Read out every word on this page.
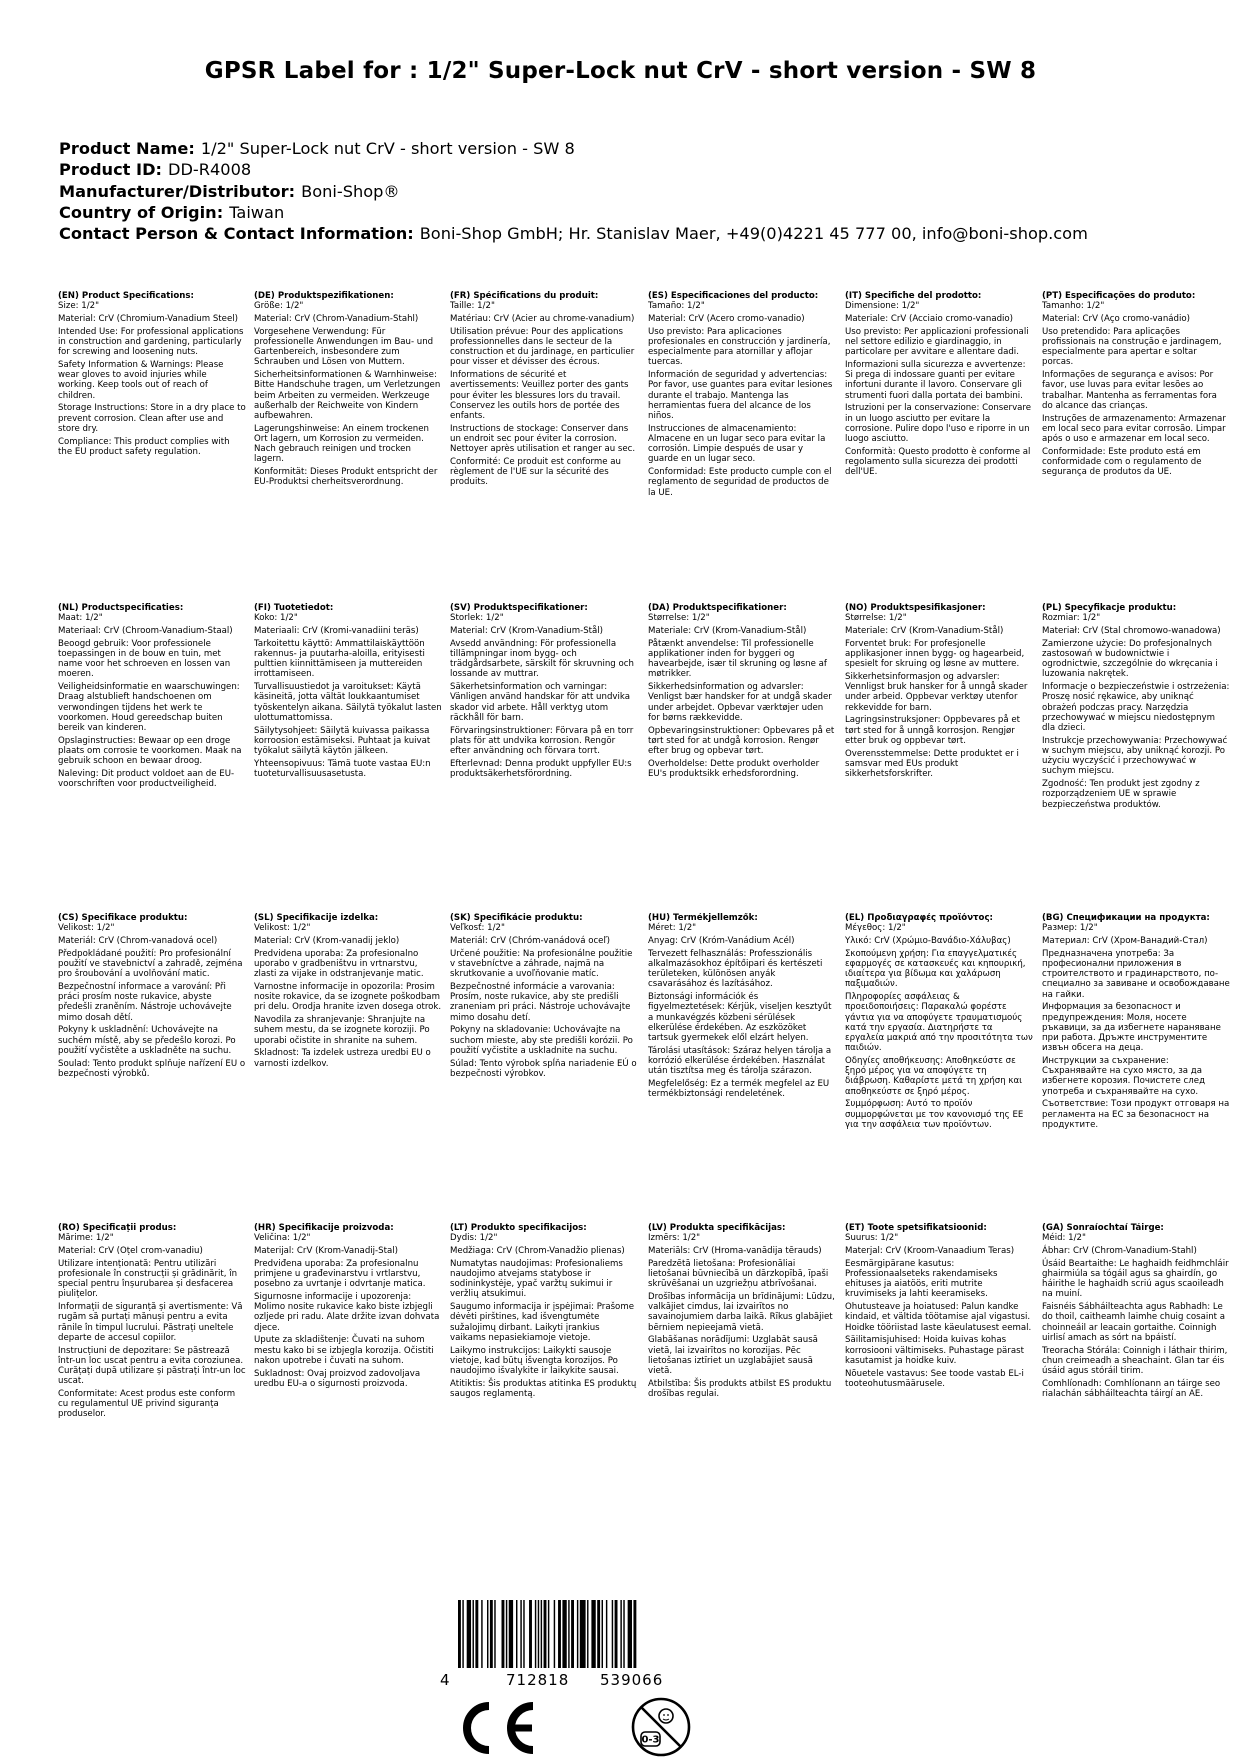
GPSR Label for : 1/2" Super-Lock nut CrV - short version - SW 8
Product Name: 1/2" Super-Lock nut CrV - short version - SW 8
Product ID: DD-R4008
Manufacturer/Distributor: Boni-Shop®
Country of Origin: Taiwan
Contact Person & Contact Information: Boni-Shop GmbH; Hr. Stanislav Maer, +49(0)4221 45 777 00, info@boni-shop.com
(EN) Product Specifications:

Size: 1/2"

Material: CrV (Chromium-Vanadium Steel)

Intended Use: For professional applications in construction and gardening, particularly for screwing and loosening nuts.

Safety Information & Warnings: Please wear gloves to avoid injuries while working. Keep tools out of reach of children.

Storage Instructions: Store in a dry place to prevent corrosion. Clean after use and store dry.

Compliance: This product complies with the EU product safety regulation.

(DE) Produktspezifikationen:

Größe: 1/2"

Material: CrV (Chrom-Vanadium-Stahl)

Vorgesehene Verwendung: Für professionelle Anwendungen im Bau- und Gartenbereich, insbesondere zum Schrauben und Lösen von Muttern.

Sicherheitsinformationen & Warnhinweise: Bitte Handschuhe tragen, um Verletzungen beim Arbeiten zu vermeiden. Werkzeuge außerhalb der Reichweite von Kindern aufbewahren.

Lagerungshinweise: An einem trockenen Ort lagern, um Korrosion zu vermeiden. Nach gebrauch reinigen und trocken lagern.

Konformität: Dieses Produkt entspricht der EU-Produktsi cherheitsverordnung.

(FR) Spécifications du produit:

Taille: 1/2"

Matériau: CrV (Acier au chrome-vanadium)

Utilisation prévue: Pour des applications professionnelles dans le secteur de la construction et du jardinage, en particulier pour visser et dévisser des écrous.

Informations de sécurité et avertissements: Veuillez porter des gants pour éviter les blessures lors du travail. Conservez les outils hors de portée des enfants.

Instructions de stockage: Conserver dans un endroit sec pour éviter la corrosion. Nettoyer après utilisation et ranger au sec.

Conformité: Ce produit est conforme au règlement de l'UE sur la sécurité des produits.

(ES) Especificaciones del producto:

Tamaño: 1/2"

Material: CrV (Acero cromo-vanadio)

Uso previsto: Para aplicaciones profesionales en construcción y jardinería, especialmente para atornillar y aflojar tuercas.

Información de seguridad y advertencias: Por favor, use guantes para evitar lesiones durante el trabajo. Mantenga las herramientas fuera del alcance de los niños.

Instrucciones de almacenamiento: Almacene en un lugar seco para evitar la corrosión. Limpie después de usar y guarde en un lugar seco.

Conformidad: Este producto cumple con el reglamento de seguridad de productos de la UE.

(IT) Specifiche del prodotto:

Dimensione: 1/2"

Materiale: CrV (Acciaio cromo-vanadio)

Uso previsto: Per applicazioni professionali nel settore edilizio e giardinaggio, in particolare per avvitare e allentare dadi.

Informazioni sulla sicurezza e avvertenze: Si prega di indossare guanti per evitare infortuni durante il lavoro. Conservare gli strumenti fuori dalla portata dei bambini.

Istruzioni per la conservazione: Conservare in un luogo asciutto per evitare la corrosione. Pulire dopo l'uso e riporre in un luogo asciutto.

Conformità: Questo prodotto è conforme al regolamento sulla sicurezza dei prodotti dell'UE.

(PT) Especificações do produto:

Tamanho: 1/2"

Material: CrV (Aço cromo-vanádio)

Uso pretendido: Para aplicações profissionais na construção e jardinagem, especialmente para apertar e soltar porcas.

Informações de segurança e avisos: Por favor, use luvas para evitar lesões ao trabalhar. Mantenha as ferramentas fora do alcance das crianças.

Instruções de armazenamento: Armazenar em local seco para evitar corrosão. Limpar após o uso e armazenar em local seco.

Conformidade: Este produto está em conformidade com o regulamento de segurança de produtos da UE.

(NL) Productspecificaties:

Maat: 1/2"

Materiaal: CrV (Chroom-Vanadium-Staal)

Beoogd gebruik: Voor professionele toepassingen in de bouw en tuin, met name voor het schroeven en lossen van moeren.

Veiligheidsinformatie en waarschuwingen: Draag alstublieft handschoenen om verwondingen tijdens het werk te voorkomen. Houd gereedschap buiten bereik van kinderen.

Opslaginstructies: Bewaar op een droge plaats om corrosie te voorkomen. Maak na gebruik schoon en bewaar droog.

Naleving: Dit product voldoet aan de EU-voorschriften voor productveiligheid.

(FI) Tuotetiedot:

Koko: 1/2"

Materiaali: CrV (Kromi-vanadiini teräs)

Tarkoitettu käyttö: Ammattilaiskäyttöön rakennus- ja puutarha-aloilla, erityisesti pulttien kiinnittämiseen ja muttereiden irrottamiseen.

Turvallisuustiedot ja varoitukset: Käytä käsineitä, jotta vältät loukkaantumiset työskentelyn aikana. Säilytä työkalut lasten ulottumattomissa.

Säilytysohjeet: Säilytä kuivassa paikassa korroosion estämiseksi. Puhtaat ja kuivat työkalut säilytä käytön jälkeen.

Yhteensopivuus: Tämä tuote vastaa EU:n tuoteturvallisuusasetusta.

(SV) Produktspecifikationer:

Storlek: 1/2"

Material: CrV (Krom-Vanadium-Stål)

Avsedd användning: För professionella tillämpningar inom bygg- och trädgårdsarbete, särskilt för skruvning och lossande av muttrar.

Säkerhetsinformation och varningar: Vänligen använd handskar för att undvika skador vid arbete. Håll verktyg utom räckhåll för barn.

Förvaringsinstruktioner: Förvara på en torr plats för att undvika korrosion. Rengör efter användning och förvara torrt.

Efterlevnad: Denna produkt uppfyller EU:s produktsäkerhetsförordning.

(DA) Produktspecifikationer:

Størrelse: 1/2"

Materiale: CrV (Krom-Vanadium-Stål)

Påtænkt anvendelse: Til professionelle applikationer inden for byggeri og havearbejde, især til skruning og løsne af møtrikker.

Sikkerhedsinformation og advarsler: Venligst bær handsker for at undgå skader under arbejdet. Opbevar værktøjer uden for børns rækkevidde.

Opbevaringsinstruktioner: Opbevares på et tørt sted for at undgå korrosion. Rengør efter brug og opbevar tørt.

Overholdelse: Dette produkt overholder EU's produktsikk erhedsforordning.

(NO) Produktspesifikasjoner:

Størrelse: 1/2"

Materiale: CrV (Krom-Vanadium-Stål)

Forventet bruk: For profesjonelle applikasjoner innen bygg- og hagearbeid, spesielt for skruing og løsne av muttere.

Sikkerhetsinformasjon og advarsler: Vennligst bruk hansker for å unngå skader under arbeid. Oppbevar verktøy utenfor rekkevidde for barn.

Lagringsinstruksjoner: Oppbevares på et tørt sted for å unngå korrosjon. Rengjør etter bruk og oppbevar tørt.

Overensstemmelse: Dette produktet er i samsvar med EUs produkt sikkerhetsforskrifter.

(PL) Specyfikacje produktu:

Rozmiar: 1/2"

Materiał: CrV (Stal chromowo-wanadowa)

Zamierzone użycie: Do profesjonalnych zastosowań w budownictwie i ogrodnictwie, szczególnie do wkręcania i luzowania nakrętek.

Informacje o bezpieczeństwie i ostrzeżenia: Proszę nosić rękawice, aby uniknąć obrażeń podczas pracy. Narzędzia przechowywać w miejscu niedostępnym dla dzieci.

Instrukcje przechowywania: Przechowywać w suchym miejscu, aby uniknąć korozji. Po użyciu wyczyścić i przechowywać w suchym miejscu.

Zgodność: Ten produkt jest zgodny z rozporządzeniem UE w sprawie bezpieczeństwa produktów.

(CS) Specifikace produktu:

Velikost: 1/2"

Materiál: CrV (Chrom-vanadová ocel)

Předpokládané použití: Pro profesionální použití ve stavebnictví a zahradě, zejména pro šroubování a uvolňování matic.

Bezpečnostní informace a varování: Při práci prosím noste rukavice, abyste předešli zraněním. Nástroje uchovávejte mimo dosah dětí.

Pokyny k uskladnění: Uchovávejte na suchém místě, aby se předešlo korozi. Po použití vyčistěte a uskladněte na suchu.

Soulad: Tento produkt splňuje nařízení EU o bezpečnosti výrobků.

(SL) Specifikacije izdelka:

Velikost: 1/2"

Material: CrV (Krom-vanadij jeklo)

Predvidena uporaba: Za profesionalno uporabo v gradbeništvu in vrtnarstvu, zlasti za vijake in odstranjevanje matic.

Varnostne informacije in opozorila: Prosim nosite rokavice, da se izognete poškodbam pri delu. Orodja hranite izven dosega otrok.

Navodila za shranjevanje: Shranjujte na suhem mestu, da se izognete koroziji. Po uporabi očistite in shranite na suhem.

Skladnost: Ta izdelek ustreza uredbi EU o varnosti izdelkov.

(SK) Špecifikácie produktu:

Veľkosť: 1/2"

Materiál: CrV (Chróm-vanádová oceľ)

Určené použitie: Na profesionálne použitie v stavebníctve a záhrade, najmä na skrutkovanie a uvoľňovanie matíc.

Bezpečnostné informácie a varovania: Prosím, noste rukavice, aby ste predišli zraneniam pri práci. Nástroje uchovávajte mimo dosahu detí.

Pokyny na skladovanie: Uchovávajte na suchom mieste, aby ste predišli korózii. Po použití vyčistite a uskladnite na suchu.

Súlad: Tento výrobok spĺňa nariadenie EÚ o bezpečnosti výrobkov.

(HU) Termékjellemzők:

Méret: 1/2"

Anyag: CrV (Króm-Vanádium Acél)

Tervezett felhasználás: Professzionális alkalmazásokhoz építőipari és kertészeti területeken, különösen anyák csavarásához és lazításához.

Biztonsági információk és figyelmeztetések: Kérjük, viseljen kesztyűt a munkavégzés közbeni sérülések elkerülése érdekében. Az eszközöket tartsuk gyermekek elől elzárt helyen.

Tárolási utasítások: Száraz helyen tárolja a korrózió elkerülése érdekében. Használat után tisztítsa meg és tárolja szárazon.

Megfelelőség: Ez a termék megfelel az EU termékbiztonsági rendeletének.

(EL) Προδιαγραφές προϊόντος:

Μέγεθος: 1/2"

Υλικό: CrV (Χρώμιο-Βανάδιο-Χάλυβας)

Σκοπούμενη χρήση: Για επαγγελματικές εφαρμογές σε κατασκευές και κηπουρική, ιδιαίτερα για βίδωμα και χαλάρωση παξιμαδιών.

Πληροφορίες ασφάλειας & προειδοποιήσεις: Παρακαλώ φορέστε γάντια για να αποφύγετε τραυματισμούς κατά την εργασία. Διατηρήστε τα εργαλεία μακριά από την προσιτότητα των παιδιών.

Οδηγίες αποθήκευσης: Αποθηκεύστε σε ξηρό μέρος για να αποφύγετε τη διάβρωση. Καθαρίστε μετά τη χρήση και αποθηκεύστε σε ξηρό μέρος.

Συμμόρφωση: Αυτό το προϊόν συμμορφώνεται με τον κανονισμό της ΕΕ για την ασφάλεια των προϊόντων.

(BG) Спецификации на продукта:

Размер: 1/2"

Материал: CrV (Хром-Ванадий-Стал)

Предназначена употреба: За професионални приложения в строителството и градинарството, по-специално за завиване и освобождаване на гайки.

Информация за безопасност и предупреждения: Моля, носете ръкавици, за да избегнете нараняване при работа. Дръжте инструментите извън обсега на деца.

Инструкции за съхранение: Съхранявайте на сухо място, за да избегнете корозия. Почистете след употреба и съхранявайте на сухо.

Съответствие: Този продукт отговаря на регламента на ЕС за безопасност на продуктите.

(RO) Specificații produs:

Mărime: 1/2"

Material: CrV (Oțel crom-vanadiu)

Utilizare intenționată: Pentru utilizări profesionale în construcții și grădinărit, în special pentru înșurubarea și desfacerea piulițelor.

Informații de siguranță și avertismente: Vă rugăm să purtați mănuși pentru a evita rănile în timpul lucrului. Păstrați uneltele departe de accesul copiilor.

Instrucțiuni de depozitare: Se păstrează într-un loc uscat pentru a evita coroziunea. Curățați după utilizare și păstrați într-un loc uscat.

Conformitate: Acest produs este conform cu regulamentul UE privind siguranța produselor.

(HR) Specifikacije proizvoda:

Veličina: 1/2"

Materijal: CrV (Krom-Vanadij-Stal)

Predviđena uporaba: Za profesionalnu primjene u građevinarstvu i vrtlarstvu, posebno za uvrtanje i odvrtanje matica.

Sigurnosne informacije i upozorenja: Molimo nosite rukavice kako biste izbjegli ozljede pri radu. Alate držite izvan dohvata djece.

Upute za skladištenje: Čuvati na suhom mestu kako bi se izbjegla korozija. Očistiti nakon upotrebe i čuvati na suhom.

Sukladnost: Ovaj proizvod zadovoljava uredbu EU-a o sigurnosti proizvoda.

(LT) Produkto specifikacijos:

Dydis: 1/2"

Medžiaga: CrV (Chrom-Vanadžio plienas)

Numatytas naudojimas: Profesionaliems naudojimo atvejams statybose ir sodininkystėje, ypač varžtų sukimui ir veržlių atsukimui.

Saugumo informacija ir įspėjimai: Prašome dėvėti pirštines, kad išvengtumėte sužalojimų dirbant. Laikyti įrankius vaikams nepasiekiamoje vietoje.

Laikymo instrukcijos: Laikykti sausoje vietoje, kad būtų išvengta korozijos. Po naudojimo išvalykite ir laikykite sausai.

Atitiktis: Šis produktas atitinka ES produktų saugos reglamentą.

(LV) Produkta specifikācijas:

Izmērs: 1/2"

Materiāls: CrV (Hroma-vanādija tērauds)

Paredzētā lietošana: Profesionāliai lietošanai būvniecībā un dārzkopībā, īpaši skrūvēšanai un uzgriežņu atbrīvošanai.

Drošības informācija un brīdinājumi: Lūdzu, valkājiet cimdus, lai izvairītos no savainojumiem darba laikā. Rīkus glabājiet bērniem nepieejamā vietā.

Glabāšanas norādījumi: Uzglabāt sausā vietā, lai izvairītos no korozijas. Pēc lietošanas iztīriet un uzglabājiet sausā vietā.

Atbilstība: Šis produkts atbilst ES produktu drošības regulai.

(ET) Toote spetsifikatsioonid:

Suurus: 1/2"

Materjal: CrV (Kroom-Vanaadium Teras)

Eesmärgipärane kasutus: Professionaalseteks rakendamiseks ehituses ja aiatöös, eriti mutrite kruvimiseks ja lahti keeramiseks.

Ohutusteave ja hoiatused: Palun kandke kindaid, et vältida töötamise ajal vigastusi. Hoidke tööriistad laste käeulatusest eemal.

Säilitamisjuhised: Hoida kuivas kohas korrosiooni vältimiseks. Puhastage pärast kasutamist ja hoidke kuiv.

Nõuetele vastavus: See toode vastab EL-i tooteohutusmäärusele.

(GA) Sonraíochtaí Táirge:

Méid: 1/2"

Ábhar: CrV (Chrom-Vanadium-Stahl)

Úsáid Beartaithe: Le haghaidh feidhmchláir ghairmiúla sa tógáil agus sa ghairdín, go háirithe le haghaidh scriú agus scaoileadh na muiní.

Faisnéis Sábháilteachta agus Rabhadh: Le do thoil, caitheamh laimhe chuig cosaint a choinneáil ar leacain gortaithe. Coinnigh uirlisí amach as sórt na bpáistí.

Treoracha Stórála: Coinnigh i láthair thirim, chun creimeadh a sheachaint. Glan tar éis úsáid agus stóráil tirim.

Comhlíonadh: Comhlíonann an táirge seo rialachán sábháilteachta táirgí an AE.

4	712818 539066
0-3
